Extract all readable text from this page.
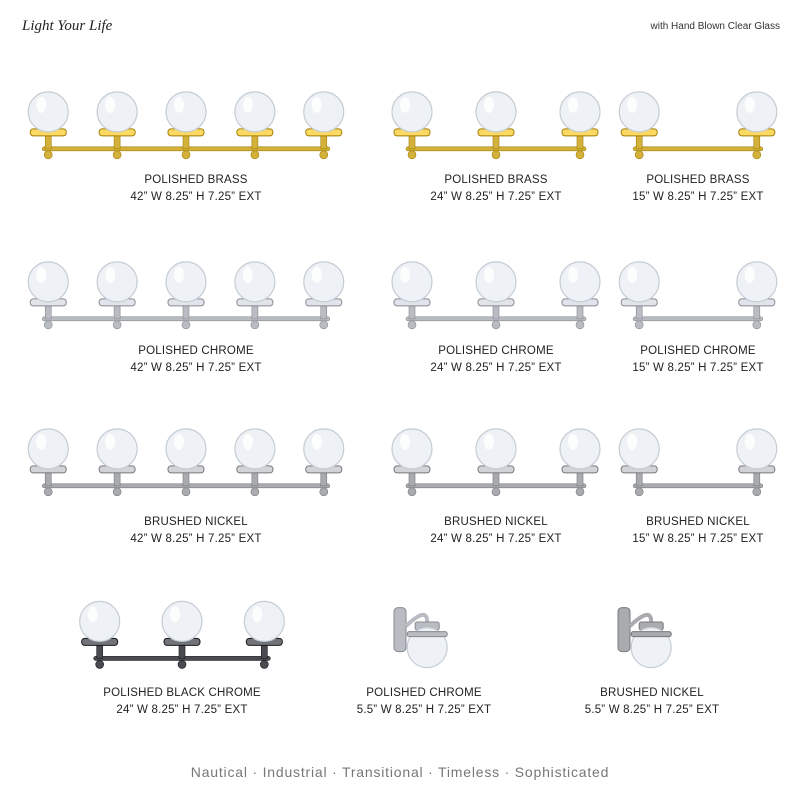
Light Your Life	with Hand Blown Clear Glass
POLISHED BRASS
42” W 8.25” H 7.25” EXT
POLISHED BRASS
24” W 8.25” H 7.25” EXT
POLISHED BRASS
15” W 8.25” H 7.25” EXT
POLISHED CHROME
42” W 8.25” H 7.25” EXT
POLISHED CHROME
24” W 8.25” H 7.25” EXT
POLISHED CHROME
15” W 8.25” H 7.25” EXT
BRUSHED NICKEL
42” W 8.25” H 7.25” EXT
BRUSHED NICKEL
24” W 8.25” H 7.25” EXT
BRUSHED NICKEL
15” W 8.25” H 7.25” EXT
POLISHED BLACK CHROME
24” W 8.25” H 7.25” EXT
POLISHED CHROME
5.5” W 8.25” H 7.25” EXT
BRUSHED NICKEL
5.5” W 8.25” H 7.25” EXT
Nautical · Industrial · Transitional · Timeless · Sophisticated
